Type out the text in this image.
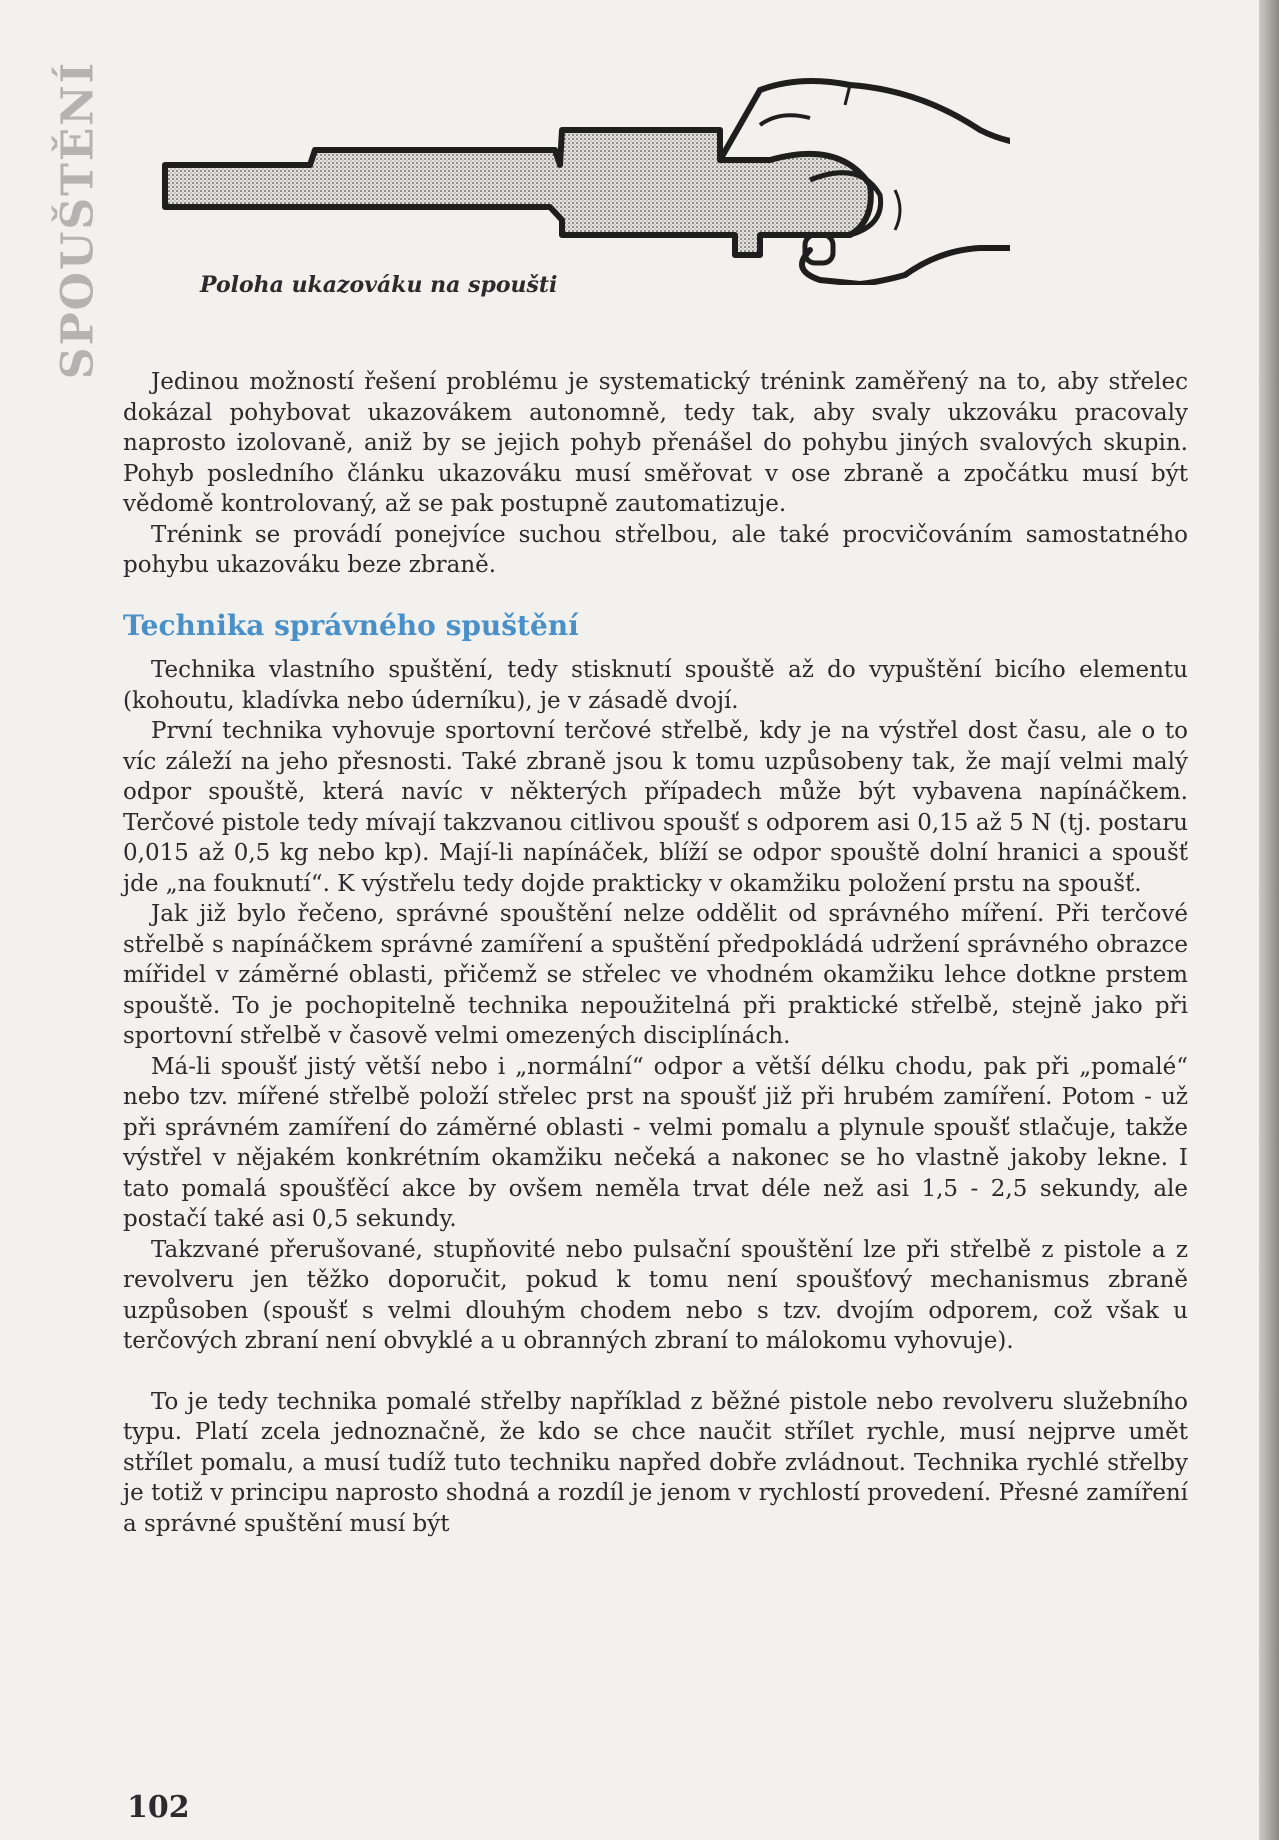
SPOUŠTĚNÍ	Poloha ukazováku na spoušti

Jedinou možností řešení problému je systematický trénink zaměřený na to, aby střelec dokázal pohybovat ukazovákem autonomně, tedy tak, aby svaly ukzováku pracovaly naprosto izolovaně, aniž by se jejich pohyb přenášel do pohybu jiných svalových skupin. Pohyb posledního článku ukazováku musí směřovat v ose zbraně a zpočátku musí být vědomě kontrolovaný, až se pak postupně zautomatizuje.

Trénink se provádí ponejvíce suchou střelbou, ale také procvičováním samostatného pohybu ukazováku beze zbraně.

Technika správného spuštění

Technika vlastního spuštění, tedy stisknutí spouště až do vypuštění bicího elementu (kohoutu, kladívka nebo úderníku), je v zásadě dvojí.

První technika vyhovuje sportovní terčové střelbě, kdy je na výstřel dost času, ale o to víc záleží na jeho přesnosti. Také zbraně jsou k tomu uzpůsobeny tak, že mají velmi malý odpor spouště, která navíc v některých případech může být vybavena napínáčkem. Terčové pistole tedy mívají takzvanou citlivou spoušť s odporem asi 0,15 až 5 N (tj. postaru 0,015 až 0,5 kg nebo kp). Mají-li napínáček, blíží se odpor spouště dolní hranici a spoušť jde „na fouknutí“. K výstřelu tedy dojde prakticky v okamžiku položení prstu na spoušť.

Jak již bylo řečeno, správné spouštění nelze oddělit od správného míření. Při terčové střelbě s napínáčkem správné zamíření a spuštění předpokládá udržení správného obrazce mířidel v záměrné oblasti, přičemž se střelec ve vhodném okamžiku lehce dotkne prstem spouště. To je pochopitelně technika nepoužitelná při praktické střelbě, stejně jako při sportovní střelbě v časově velmi omezených disciplínách.

Má-li spoušť jistý větší nebo i „normální“ odpor a větší délku chodu, pak při „pomalé“ nebo tzv. mířené střelbě položí střelec prst na spoušť již při hrubém zamíření. Potom - už při správném zamíření do záměrné oblasti - velmi pomalu a plynule spoušť stlačuje, takže výstřel v nějakém konkrétním okamžiku nečeká a nakonec se ho vlastně jakoby lekne. I tato pomalá spoušťěcí akce by ovšem neměla trvat déle než asi 1,5 - 2,5 sekundy, ale postačí také asi 0,5 sekundy.

Takzvané přerušované, stupňovité nebo pulsační spouštění lze při střelbě z pistole a z revolveru jen těžko doporučit, pokud k tomu není spoušťový mechanismus zbraně uzpůsoben (spoušť s velmi dlouhým chodem nebo s tzv. dvojím odporem, což však u terčových zbraní není obvyklé a u obranných zbraní to málokomu vyhovuje).

To je tedy technika pomalé střelby například z běžné pistole nebo revolveru služebního typu. Platí zcela jednoznačně, že kdo se chce naučit střílet rychle, musí nejprve umět střílet pomalu, a musí tudíž tuto techniku napřed dobře zvládnout. Technika rychlé střelby je totiž v principu naprosto shodná a rozdíl je jenom v rychlostí provedení. Přesné zamíření a správné spuštění musí být

102
